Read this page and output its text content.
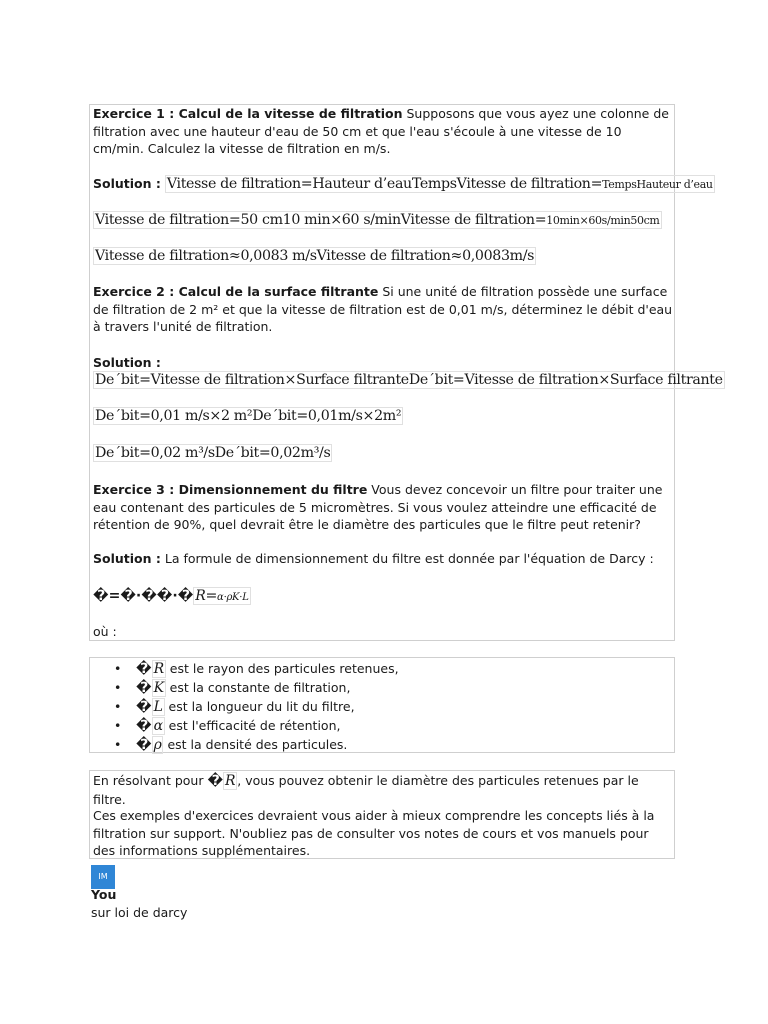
Exercice 1 : Calcul de la vitesse de filtration Supposons que vous ayez une colonne de filtration avec une hauteur d'eau de 50 cm et que l'eau s'écoule à une vitesse de 10 cm/min. Calculez la vitesse de filtration en m/s.

Solution : Vitesse de filtration=Hauteur d’eauTempsVitesse de filtration=TempsHauteur d’eau
Vitesse de filtration=50 cm10 min×60 s/minVitesse de filtration=10min×60s/min50cm
Vitesse de filtration≈0,0083 m/sVitesse de filtration≈0,0083m/s

Exercice 2 : Calcul de la surface filtrante Si une unité de filtration possède une surface de filtration de 2 m² et que la vitesse de filtration est de 0,01 m/s, déterminez le débit d'eau à travers l'unité de filtration.

Solution :
De´bit=Vitesse de filtration×Surface filtranteDe´bit=Vitesse de filtration×Surface filtrante
De´bit=0,01 m/s×2 m²De´bit=0,01m/s×2m²
De´bit=0,02 m³/sDe´bit=0,02m³/s

Exercice 3 : Dimensionnement du filtre Vous devez concevoir un filtre pour traiter une eau contenant des particules de 5 micromètres. Si vous voulez atteindre une efficacité de rétention de 90%, quel devrait être le diamètre des particules que le filtre peut retenir?

Solution : La formule de dimensionnement du filtre est donnée par l'équation de Darcy :

�=�⋅��⋅� R=α⋅ρK⋅L

où :

• � R est le rayon des particules retenues,
• � K est la constante de filtration,
• � L est la longueur du lit du filtre,
• � α est l'efficacité de rétention,
• � ρ est la densité des particules.

En résolvant pour � R , vous pouvez obtenir le diamètre des particules retenues par le filtre.

Ces exemples d'exercices devraient vous aider à mieux comprendre les concepts liés à la filtration sur support. N'oubliez pas de consulter vos notes de cours et vos manuels pour des informations supplémentaires.

IM
You
sur loi de darcy
